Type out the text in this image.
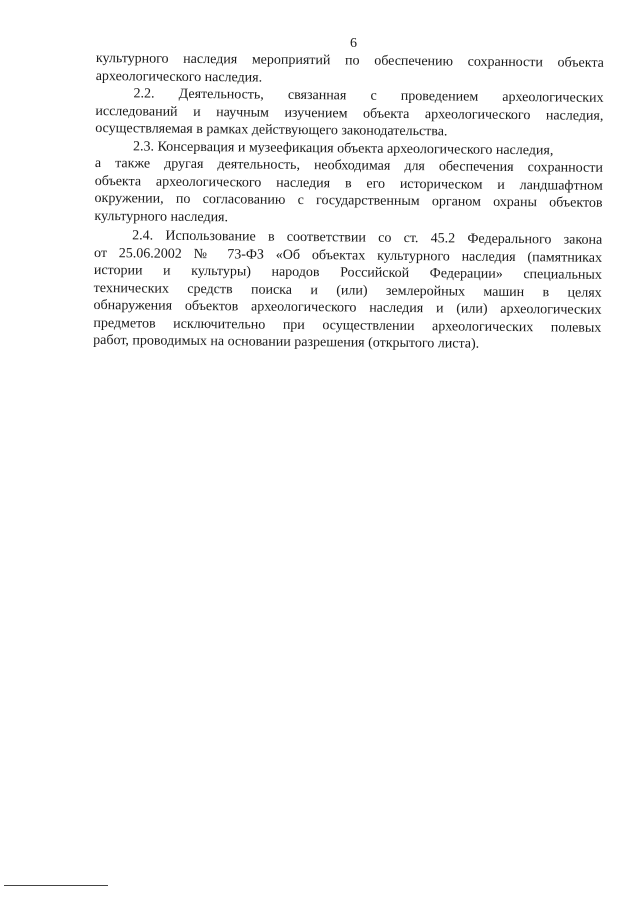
6
культурного наследия мероприятий по обеспечению сохранности объекта
археологического наследия.
2.2. Деятельность, связанная с проведением археологических
исследований и научным изучением объекта археологического наследия,
осуществляемая в рамках действующего законодательства.
2.3. Консервация и музеефикация объекта археологического наследия,
а также другая деятельность, необходимая для обеспечения сохранности
объекта археологического наследия в его историческом и ландшафтном
окружении, по согласованию с государственным органом охраны объектов
культурного наследия.
2.4. Использование в соответствии со ст. 45.2 Федерального закона
от 25.06.2002 № 73-ФЗ «Об объектах культурного наследия (памятниках
истории и культуры) народов Российской Федерации» специальных
технических средств поиска и (или) землеройных машин в целях
обнаружения объектов археологического наследия и (или) археологических
предметов исключительно при осуществлении археологических полевых
работ, проводимых на основании разрешения (открытого листа).
